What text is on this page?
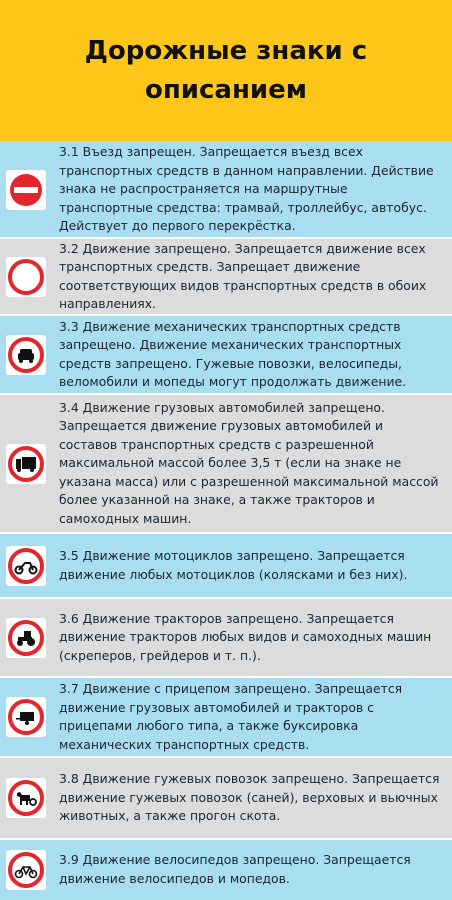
Дорожные знаки с описанием
3.1 Въезд запрещен. Запрещается въезд всех транспортных средств в данном направлении. Действие знака не распространяется на маршрутные транспортные средства: трамвай, троллейбус, автобус. Действует до первого перекрёстка.
3.2 Движение запрещено. Запрещается движение всех транспортных средств. Запрещает движение соответствующих видов транспортных средств в обоих направлениях.
3.3 Движение механических транспортных средств запрещено. Движение механических транспортных средств запрещено. Гужевые повозки, велосипеды, веломобили и мопеды могут продолжать движение.
3.4 Движение грузовых автомобилей запрещено. Запрещается движение грузовых автомобилей и составов транспортных средств с разрешенной максимальной массой более 3,5 т (если на знаке не указана масса) или с разрешенной максимальной массой более указанной на знаке, а также тракторов и самоходных машин.
3.5 Движение мотоциклов запрещено. Запрещается движение любых мотоциклов (колясками и без них).
3.6 Движение тракторов запрещено. Запрещается движение тракторов любых видов и самоходных машин (скреперов, грейдеров и т. п.).
3.7 Движение с прицепом запрещено. Запрещается движение грузовых автомобилей и тракторов с прицепами любого типа, а также буксировка механических транспортных средств.
3.8 Движение гужевых повозок запрещено. Запрещается движение гужевых повозок (саней), верховых и вьючных животных, а также прогон скота.
3.9 Движение велосипедов запрещено. Запрещается движение велосипедов и мопедов.
